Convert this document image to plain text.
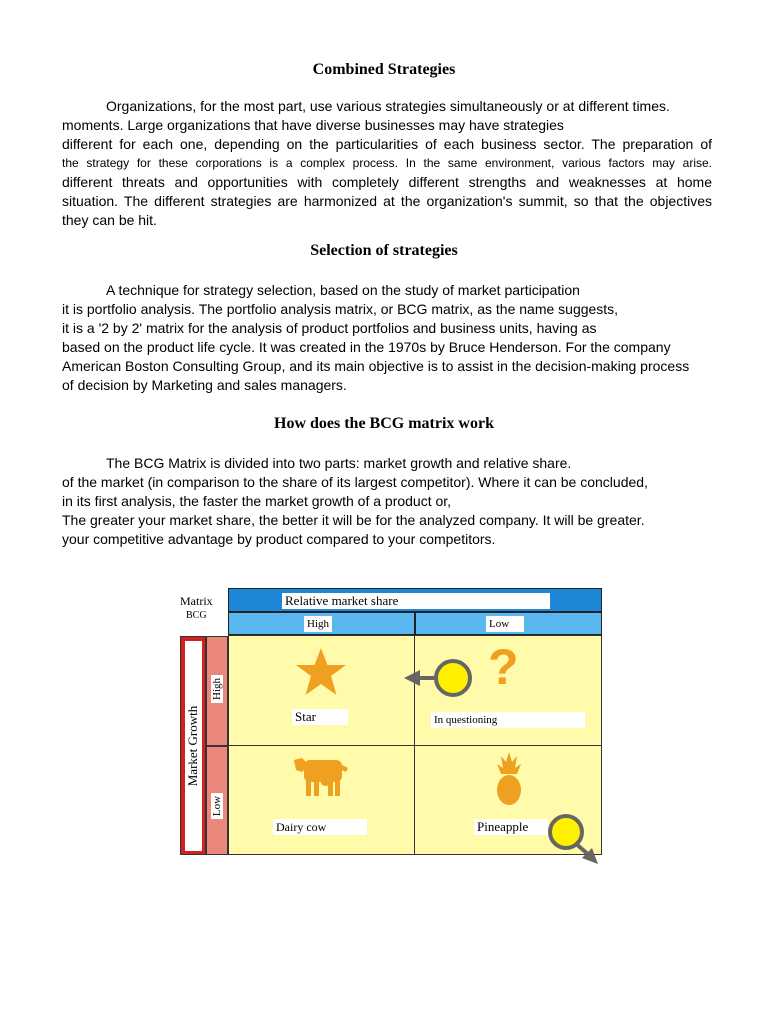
Combined Strategies
Organizations, for the most part, use various strategies simultaneously or at different times.
moments. Large organizations that have diverse businesses may have strategies
different for each one, depending on the particularities of each business sector. The preparation of
the strategy for these corporations is a complex process. In the same environment, various factors may arise.
different threats and opportunities with completely different strengths and weaknesses at home
situation. The different strategies are harmonized at the organization's summit, so that the objectives
they can be hit.
Selection of strategies
A technique for strategy selection, based on the study of market participation
it is portfolio analysis. The portfolio analysis matrix, or BCG matrix, as the name suggests,
it is a '2 by 2' matrix for the analysis of product portfolios and business units, having as
based on the product life cycle. It was created in the 1970s by Bruce Henderson. For the company
American Boston Consulting Group, and its main objective is to assist in the decision-making process
of decision by Marketing and sales managers.
How does the BCG matrix work
The BCG Matrix is divided into two parts: market growth and relative share.
of the market (in comparison to the share of its largest competitor). Where it can be concluded,
in its first analysis, the faster the market growth of a product or,
The greater your market share, the better it will be for the analyzed company. It will be greater.
your competitive advantage by product compared to your competitors.
Matrix
BCG
Relative market share
High	Low
Market Growth
High
Low
Star
?
In questioning
Dairy cow	Pineapple
